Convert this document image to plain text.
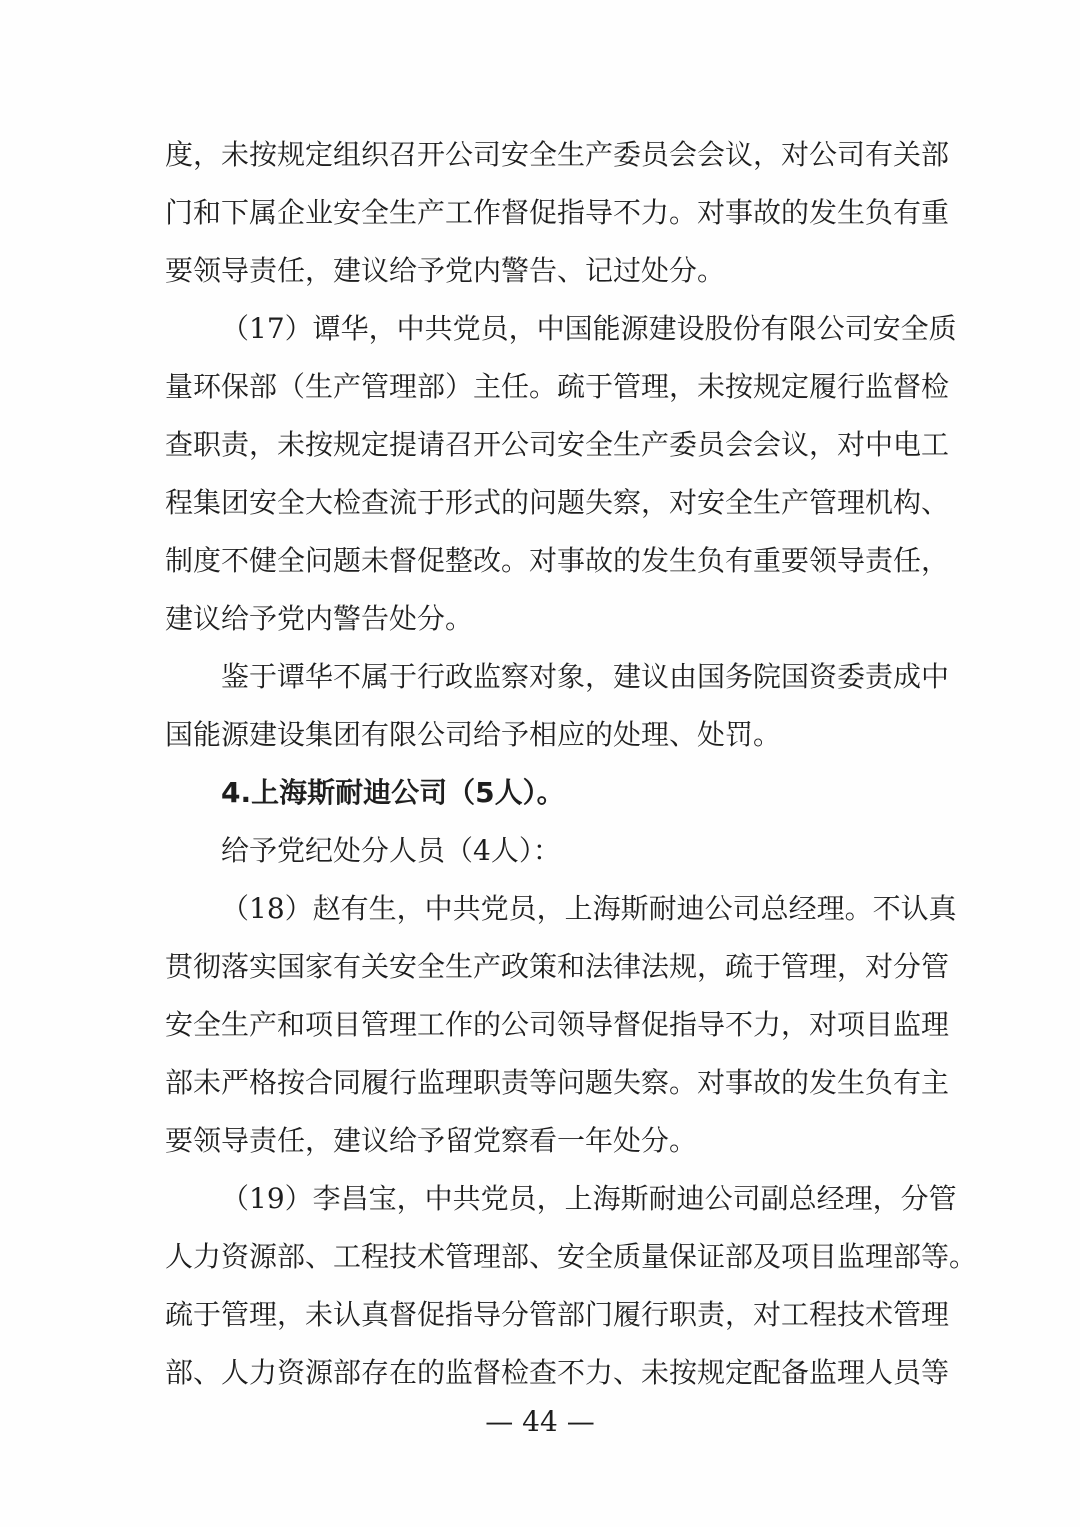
度，未按规定组织召开公司安全生产委员会会议，对公司有关部
门和下属企业安全生产工作督促指导不力。对事故的发生负有重
要领导责任，建议给予党内警告、记过处分。
（17）谭华，中共党员，中国能源建设股份有限公司安全质
量环保部（生产管理部）主任。疏于管理，未按规定履行监督检
查职责，未按规定提请召开公司安全生产委员会会议，对中电工
程集团安全大检查流于形式的问题失察，对安全生产管理机构、
制度不健全问题未督促整改。对事故的发生负有重要领导责任，
建议给予党内警告处分。
鉴于谭华不属于行政监察对象，建议由国务院国资委责成中
国能源建设集团有限公司给予相应的处理、处罚。
4.上海斯耐迪公司（5人）。
给予党纪处分人员（4人）：
（18）赵有生，中共党员，上海斯耐迪公司总经理。不认真
贯彻落实国家有关安全生产政策和法律法规，疏于管理，对分管
安全生产和项目管理工作的公司领导督促指导不力，对项目监理
部未严格按合同履行监理职责等问题失察。对事故的发生负有主
要领导责任，建议给予留党察看一年处分。
（19）李昌宝，中共党员，上海斯耐迪公司副总经理，分管
人力资源部、工程技术管理部、安全质量保证部及项目监理部等。
疏于管理，未认真督促指导分管部门履行职责，对工程技术管理
部、人力资源部存在的监督检查不力、未按规定配备监理人员等
— 44 —
